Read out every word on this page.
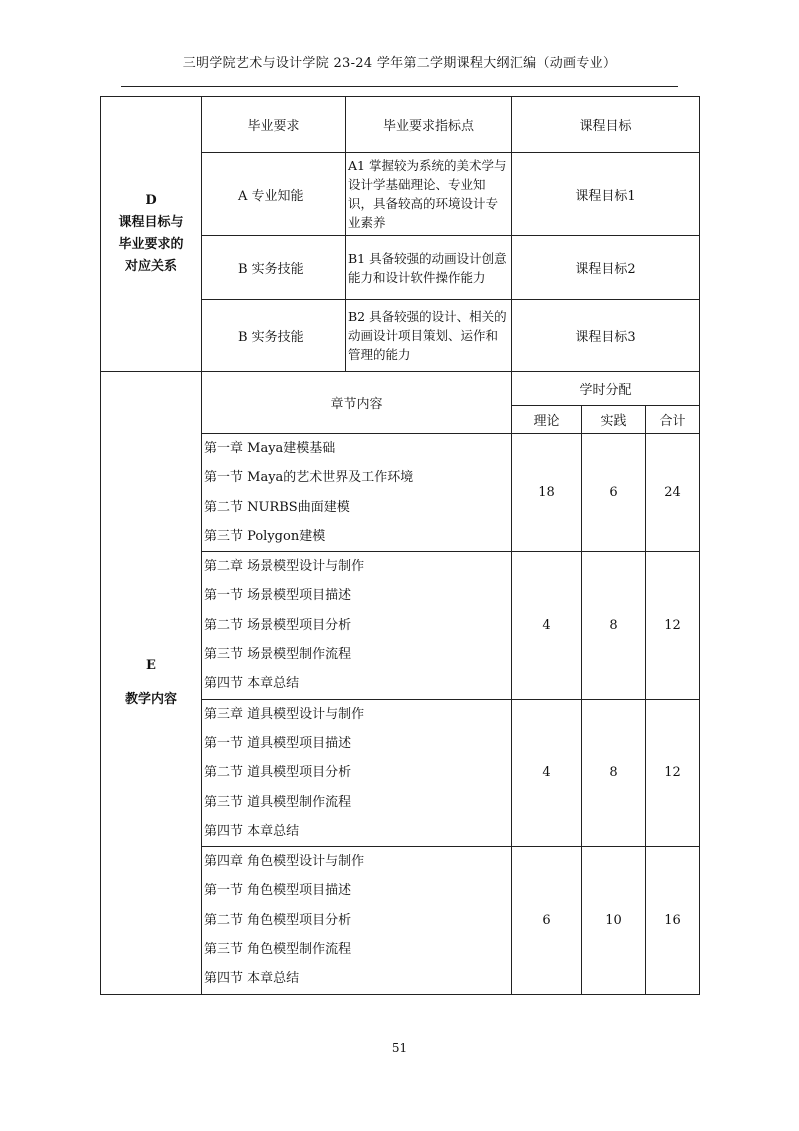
三明学院艺术与设计学院 23-24 学年第二学期课程大纲汇编（动画专业）
D
课程目标与
毕业要求的
对应关系	毕业要求	毕业要求指标点	课程目标		
	A 专业知能	A1 掌握较为系统的美术学与设计学基础理论、专业知识，具备较高的环境设计专业素养	课程目标1		
	B 实务技能	B1 具备较强的动画设计创意能力和设计软件操作能力	课程目标2		
	B 实务技能	B2 具备较强的设计、相关的动画设计项目策划、运作和管理的能力	课程目标3		

E
教学内容	章节内容		学时分配		
			理论	实践	合计

	第一章 Maya建模基础
第一节 Maya的艺术世界及工作环境
第二节 NURBS曲面建模
第三节 Polygon建模		18	6	24

	第二章 场景模型设计与制作
第一节 场景模型项目描述
第二节 场景模型项目分析
第三节 场景模型制作流程
第四节 本章总结		4	8	12

	第三章 道具模型设计与制作
第一节 道具模型项目描述
第二节 道具模型项目分析
第三节 道具模型制作流程
第四节 本章总结		4	8	12

	第四章 角色模型设计与制作
第一节 角色模型项目描述
第二节 角色模型项目分析
第三节 角色模型制作流程
第四节 本章总结		6	10	16
51
